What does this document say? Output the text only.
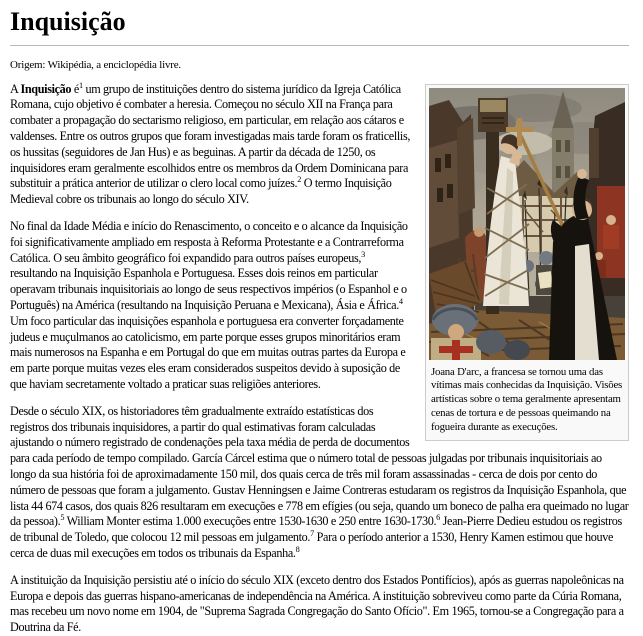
Inquisição
Origem: Wikipédia, a enciclopédia livre.
Joana D'arc, a francesa se tornou uma das vítimas mais conhecidas da Inquisição. Visões artísticas sobre o tema geralmente apresentam cenas de tortura e de pessoas queimando na fogueira durante as execuções.

A Inquisição $é^1$ um grupo de instituições dentro do sistema jurídico da Igreja Católica Romana, cujo objetivo é combater a heresia. Começou no século XII na França para combater a propagação do sectarismo religioso, em particular, em relação aos cátaros e valdenses. Entre os outros grupos que foram investigadas mais tarde foram os fraticellis, os hussitas (seguidores de Jan Hus) e as beguinas. A partir da década de 1250, os inquisidores eram geralmente escolhidos entre os membros da Ordem Dominicana para substituir a prática anterior de utilizar o clero local como juízes.$^2$ O termo Inquisição Medieval cobre os tribunais ao longo do século XIV.

No final da Idade Média e início do Renascimento, o conceito e o alcance da Inquisição foi significativamente ampliado em resposta à Reforma Protestante e a Contrarreforma Católica. O seu âmbito geográfico foi expandido para outros países europeus,$^3$ resultando na Inquisição Espanhola e Portuguesa. Esses dois reinos em particular operavam tribunais inquisitoriais ao longo de seus respectivos impérios (o Espanhol e o Português) na América (resultando na Inquisição Peruana e Mexicana), Ásia e África.$^4$ Um foco particular das inquisições espanhola e portuguesa era converter forçadamente judeus e muçulmanos ao catolicismo, em parte porque esses grupos minoritários eram mais numerosos na Espanha e em Portugal do que em muitas outras partes da Europa e em parte porque muitas vezes eles eram considerados suspeitos devido à suposição de que haviam secretamente voltado a praticar suas religiões anteriores.

Desde o século XIX, os historiadores têm gradualmente extraído estatísticas dos registros dos tribunais inquisidores, a partir do qual estimativas foram calculadas ajustando o número registrado de condenações pela taxa média de perda de documentos para cada período de tempo compilado. García Cárcel estima que o número total de pessoas julgadas por tribunais inquisitoriais ao longo da sua história foi de aproximadamente 150 mil, dos quais cerca de três mil foram assassinadas - cerca de dois por cento do número de pessoas que foram a julgamento. Gustav Henningsen e Jaime Contreras estudaram os registros da Inquisição Espanhola, que lista 44 674 casos, dos quais 826 resultaram em execuções e 778 em efígies (ou seja, quando um boneco de palha era queimado no lugar da pessoa).$^5$ William Monter estima 1.000 execuções entre 1530-1630 e 250 entre 1630-1730.$^6$ Jean-Pierre Dedieu estudou os registros de tribunal de Toledo, que colocou 12 mil pessoas em julgamento.$^7$ Para o período anterior a 1530, Henry Kamen estimou que houve cerca de duas mil execuções em todos os tribunais da Espanha.$^8$

A instituição da Inquisição persistiu até o início do século XIX (exceto dentro dos Estados Pontifícios), após as guerras napoleônicas na Europa e depois das guerras hispano-americanas de independência na América. A instituição sobreviveu como parte da Cúria Romana, mas recebeu um novo nome em 1904, de "Suprema Sagrada Congregação do Santo Ofício". Em 1965, tornou-se a Congregação para a Doutrina da Fé.
